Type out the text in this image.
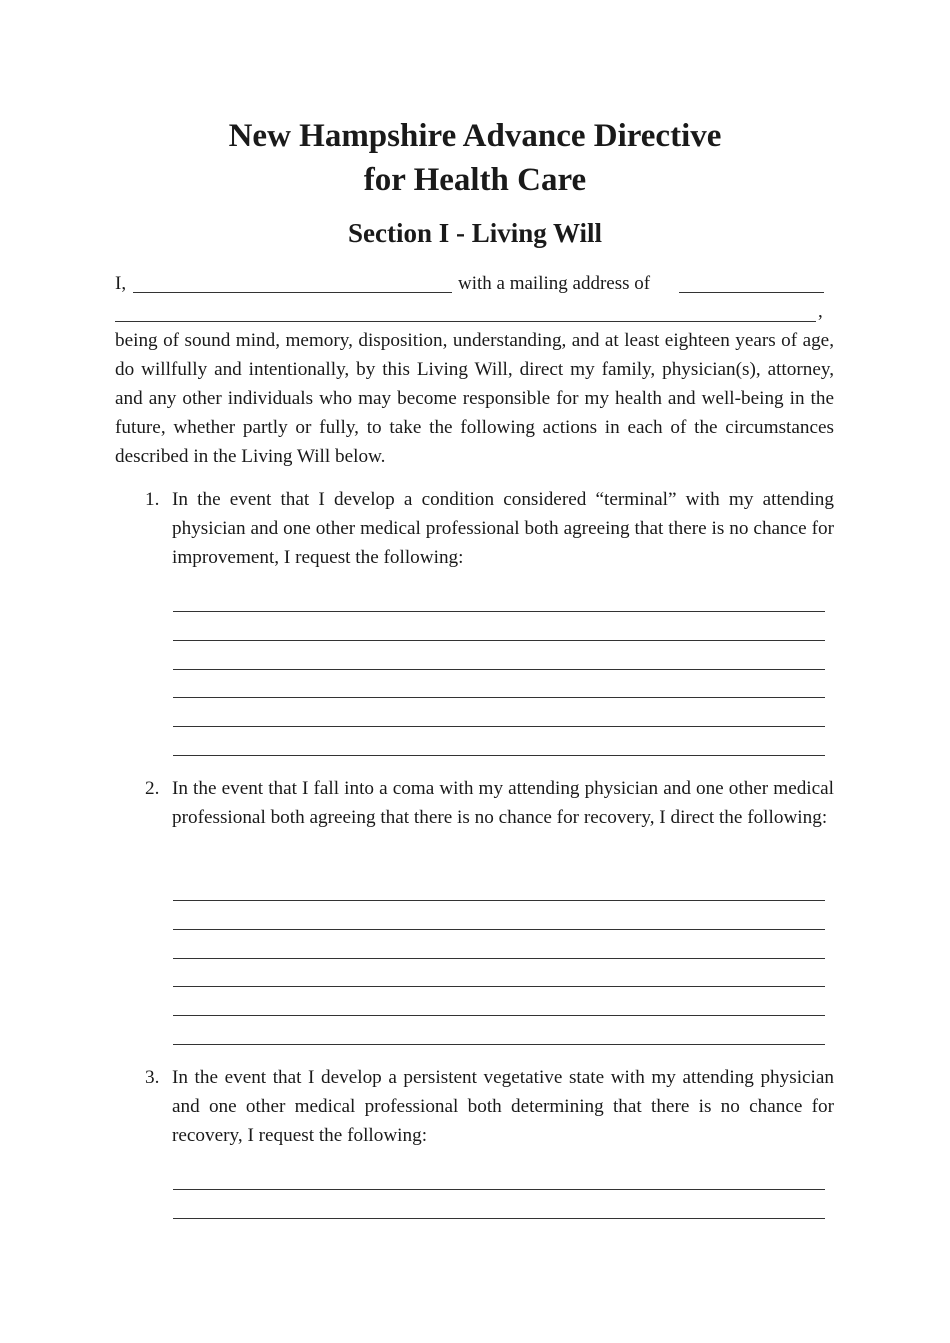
New Hampshire Advance Directive
for Health Care
Section I - Living Will
I,	with a mailing address of
,

being of sound mind, memory, disposition, understanding, and at least eighteen years of age, do willfully and intentionally, by this Living Will, direct my family, physician(s), attorney, and any other individuals who may become responsible for my health and well-being in the future, whether partly or fully, to take the following actions in each of the circumstances described in the Living Will below.

1. In the event that I develop a condition considered “terminal” with my attending physician and one other medical professional both agreeing that there is no chance for improvement, I request the following:

2. In the event that I fall into a coma with my attending physician and one other medical professional both agreeing that there is no chance for recovery, I direct the following:

3. In the event that I develop a persistent vegetative state with my attending physician and one other medical professional both determining that there is no chance for recovery, I request the following:
